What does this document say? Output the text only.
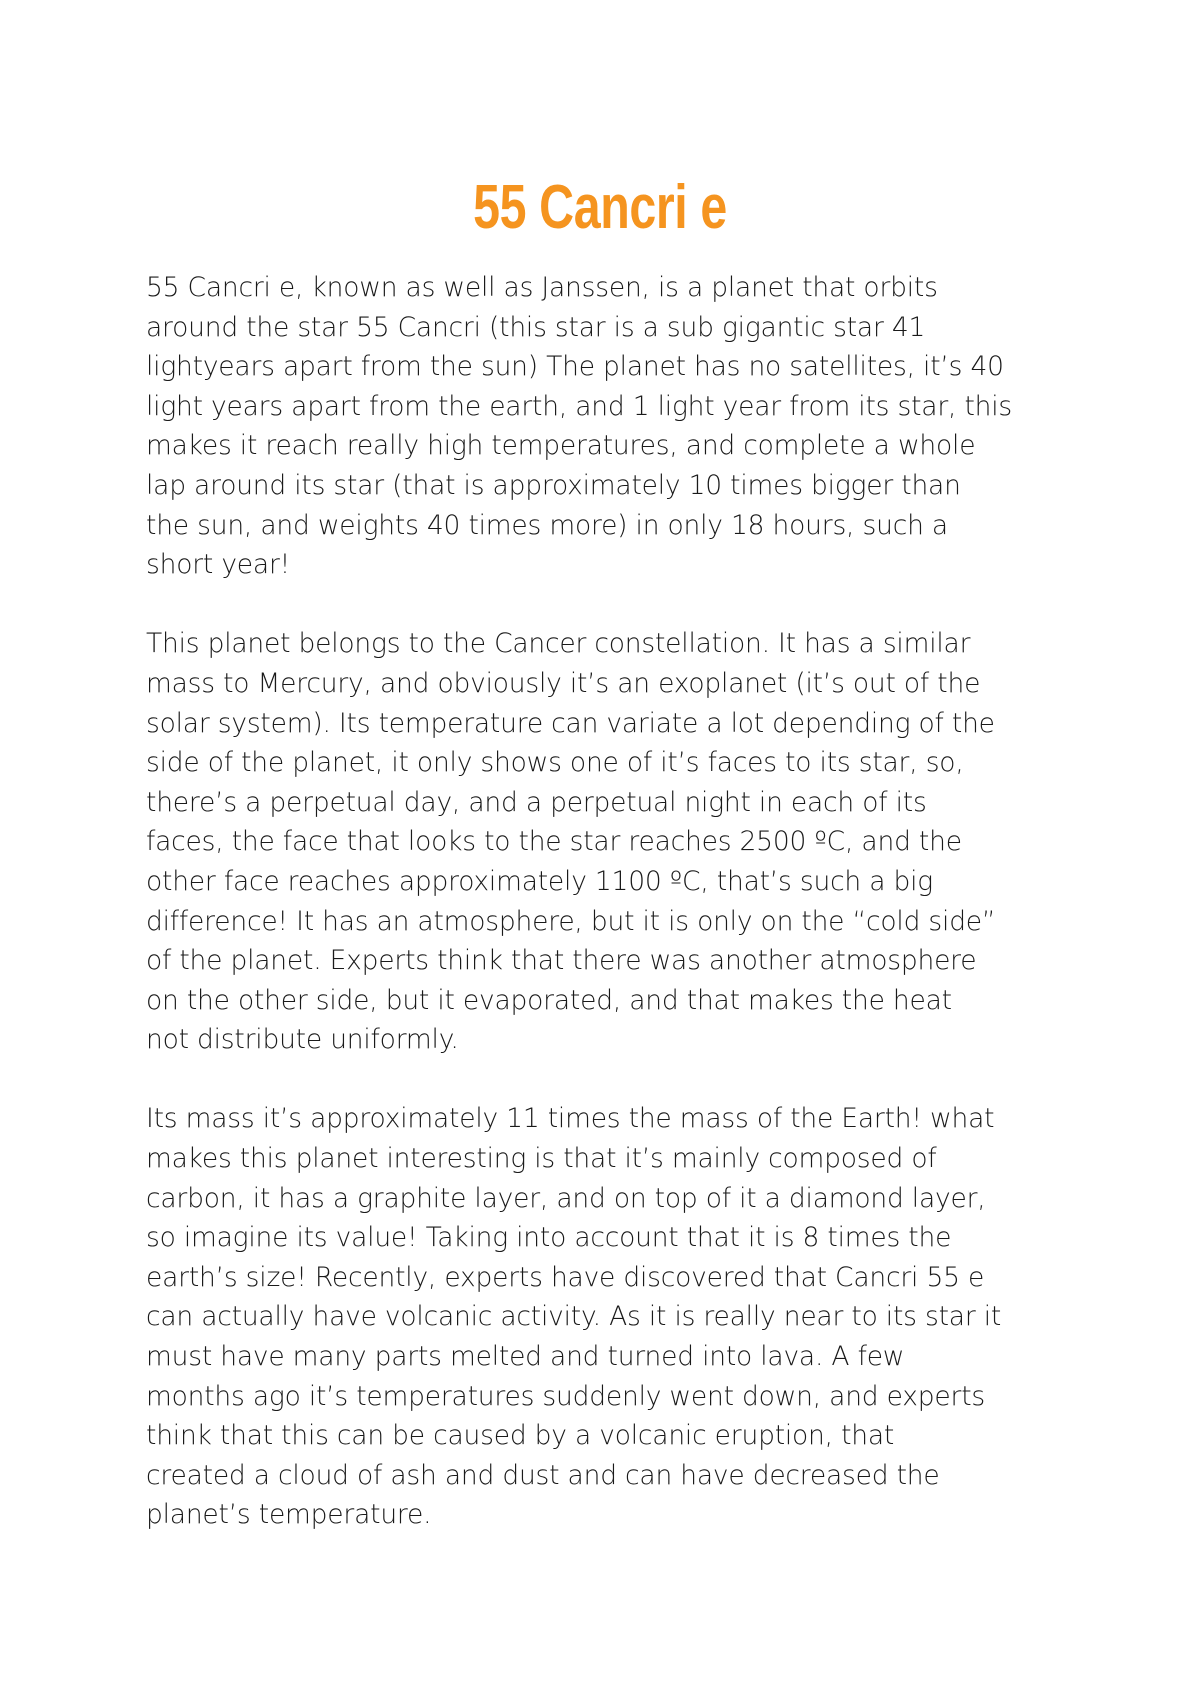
55 Cancri e

55 Cancri e, known as well as Janssen, is a planet that orbits
around the star 55 Cancri (this star is a sub gigantic star 41
lightyears apart from the sun) The planet has no satellites, it’s 40
light years apart from the earth, and 1 light year from its star, this
makes it reach really high temperatures, and complete a whole
lap around its star (that is approximately 10 times bigger than
the sun, and weights 40 times more) in only 18 hours, such a
short year!

This planet belongs to the Cancer constellation. It has a similar
mass to Mercury, and obviously it’s an exoplanet (it’s out of the
solar system). Its temperature can variate a lot depending of the
side of the planet, it only shows one of it’s faces to its star, so,
there’s a perpetual day, and a perpetual night in each of its
faces, the face that looks to the star reaches 2500 ºC, and the
other face reaches approximately 1100 ºC, that’s such a big
difference! It has an atmosphere, but it is only on the “cold side”
of the planet. Experts think that there was another atmosphere
on the other side, but it evaporated, and that makes the heat
not distribute uniformly.

Its mass it’s approximately 11 times the mass of the Earth! what
makes this planet interesting is that it’s mainly composed of
carbon, it has a graphite layer, and on top of it a diamond layer,
so imagine its value! Taking into account that it is 8 times the
earth’s size! Recently, experts have discovered that Cancri 55 e
can actually have volcanic activity. As it is really near to its star it
must have many parts melted and turned into lava. A few
months ago it’s temperatures suddenly went down, and experts
think that this can be caused by a volcanic eruption, that
created a cloud of ash and dust and can have decreased the
planet’s temperature.
